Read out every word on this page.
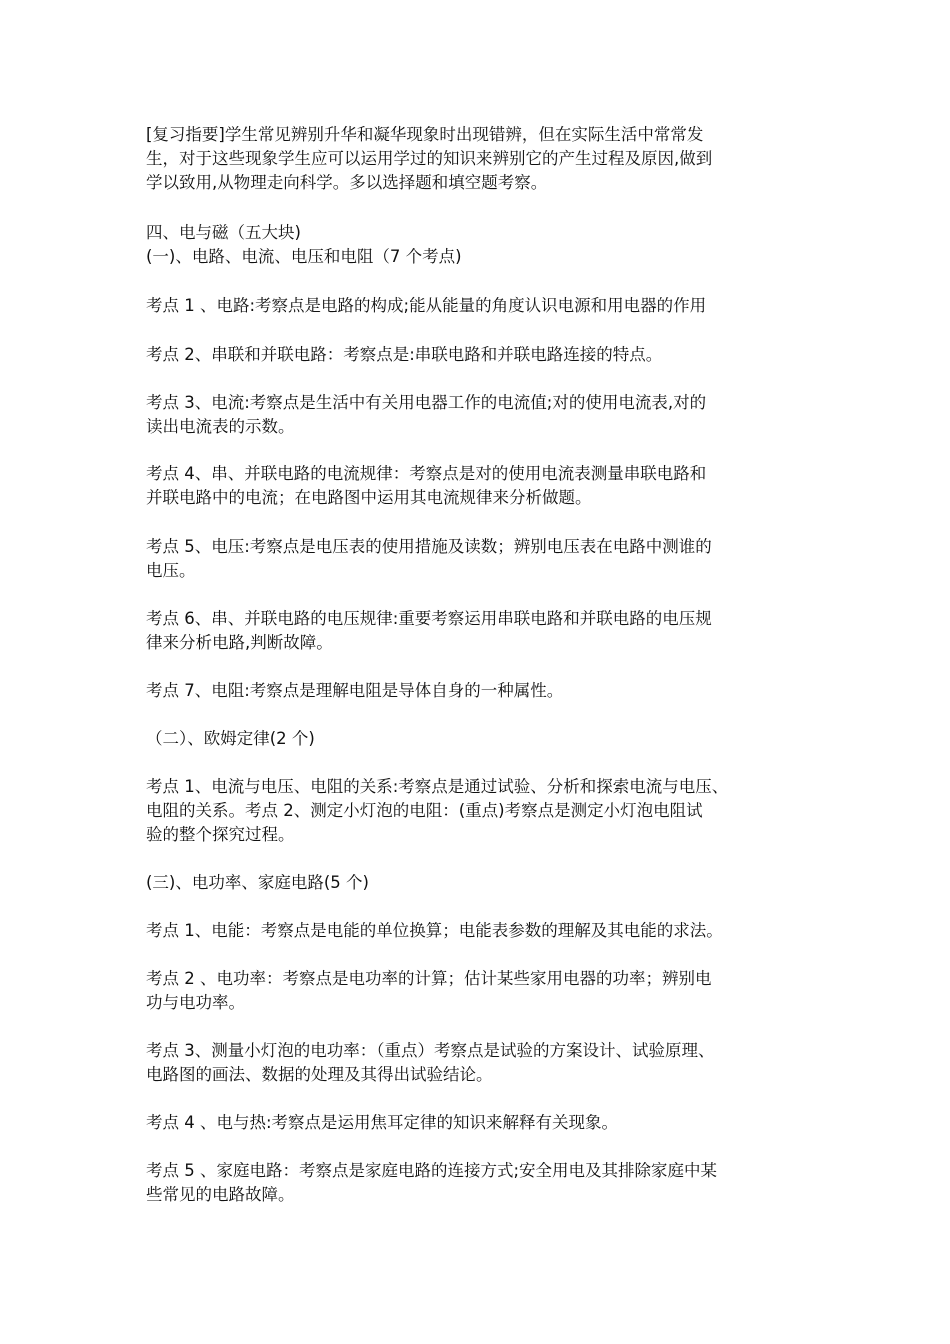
[复习指要]学生常见辨别升华和凝华现象时出现错辨，但在实际生活中常常发
生，对于这些现象学生应可以运用学过的知识来辨别它的产生过程及原因,做到
学以致用,从物理走向科学。多以选择题和填空题考察。

四、电与磁（五大块)
(一)、电路、电流、电压和电阻（7 个考点)

考点 1 、电路:考察点是电路的构成;能从能量的角度认识电源和用电器的作用

考点 2、串联和并联电路：考察点是:串联电路和并联电路连接的特点。

考点 3、电流:考察点是生活中有关用电器工作的电流值;对的使用电流表,对的
读出电流表的示数。

考点 4、串、并联电路的电流规律：考察点是对的使用电流表测量串联电路和
并联电路中的电流；在电路图中运用其电流规律来分析做题。

考点 5、电压:考察点是电压表的使用措施及读数；辨别电压表在电路中测谁的
电压。

考点 6、串、并联电路的电压规律:重要考察运用串联电路和并联电路的电压规
律来分析电路,判断故障。

考点 7、电阻:考察点是理解电阻是导体自身的一种属性。

（二）、欧姆定律(2 个)

考点 1、电流与电压、电阻的关系:考察点是通过试验、分析和探索电流与电压、
电阻的关系。考点 2、测定小灯泡的电阻：(重点)考察点是测定小灯泡电阻试
验的整个探究过程。

(三)、电功率、家庭电路(5 个)

考点 1、电能：考察点是电能的单位换算；电能表参数的理解及其电能的求法。

考点 2 、电功率：考察点是电功率的计算；估计某些家用电器的功率；辨别电
功与电功率。

考点 3、测量小灯泡的电功率：（重点）考察点是试验的方案设计、试验原理、
电路图的画法、数据的处理及其得出试验结论。

考点 4 、电与热:考察点是运用焦耳定律的知识来解释有关现象。

考点 5 、家庭电路：考察点是家庭电路的连接方式;安全用电及其排除家庭中某
些常见的电路故障。
